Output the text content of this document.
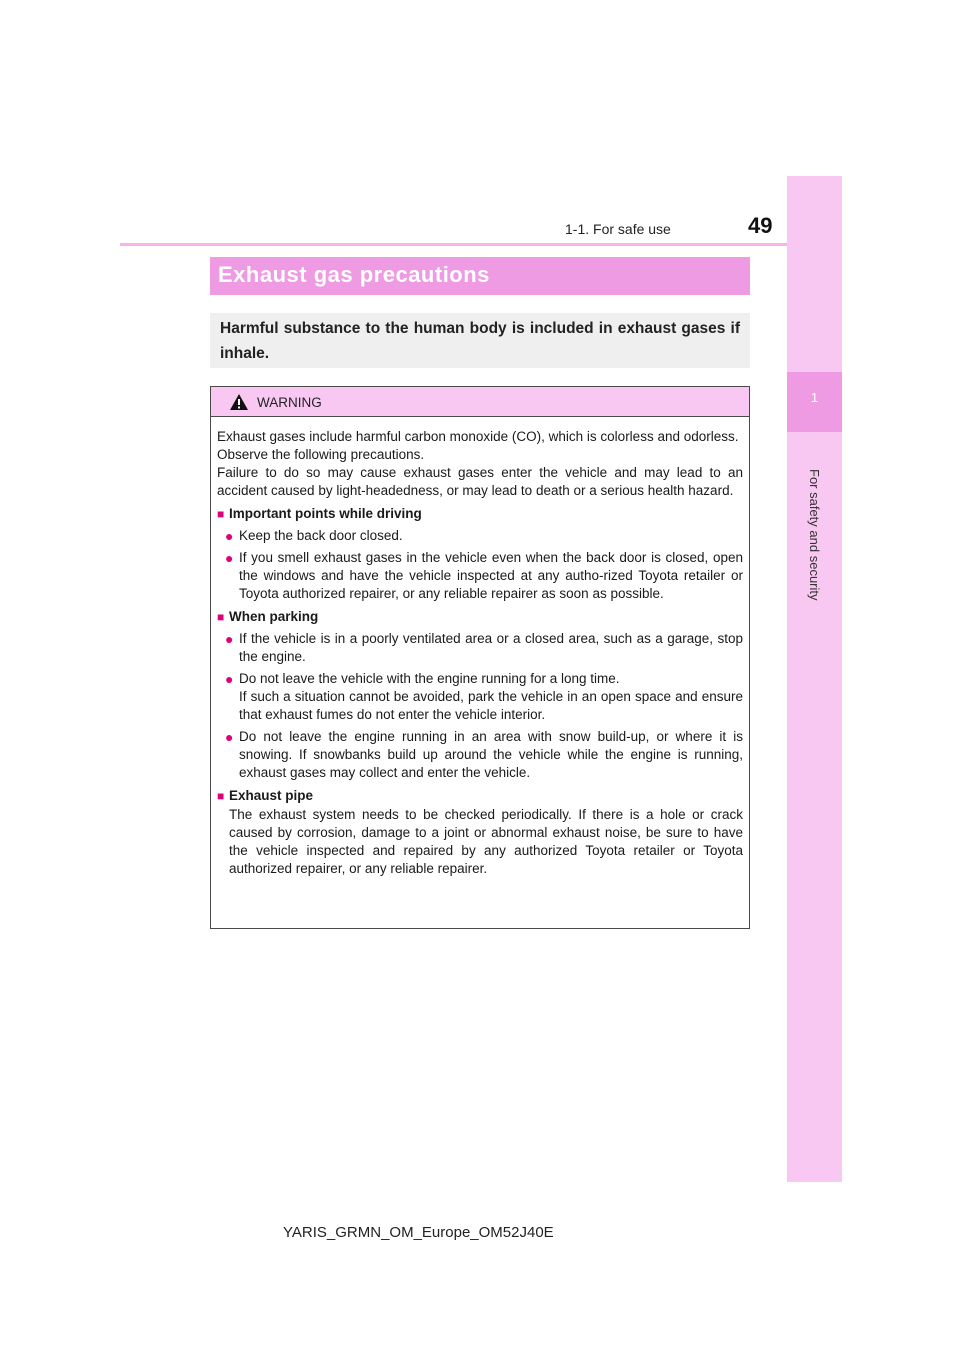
1-1. For safe use	49
1
For safety and security
Exhaust gas precautions
Harmful substance to the human body is included in exhaust gases if inhale.
WARNING

Exhaust gases include harmful carbon monoxide (CO), which is colorless and odorless. Observe the following precautions.

Failure to do so may cause exhaust gases enter the vehicle and may lead to an accident caused by light-headedness, or may lead to death or a serious health hazard.

■ Important points while driving
● Keep the back door closed.
● If you smell exhaust gases in the vehicle even when the back door is closed, open the windows and have the vehicle inspected at any autho-rized Toyota retailer or Toyota authorized repairer, or any reliable repairer as soon as possible.
■ When parking
● If the vehicle is in a poorly ventilated area or a closed area, such as a garage, stop the engine.
● Do not leave the vehicle with the engine running for a long time.
If such a situation cannot be avoided, park the vehicle in an open space and ensure that exhaust fumes do not enter the vehicle interior.
● Do not leave the engine running in an area with snow build-up, or where it is snowing. If snowbanks build up around the vehicle while the engine is running, exhaust gases may collect and enter the vehicle.
■ Exhaust pipe
The exhaust system needs to be checked periodically. If there is a hole or crack caused by corrosion, damage to a joint or abnormal exhaust noise, be sure to have the vehicle inspected and repaired by any authorized Toyota retailer or Toyota authorized repairer, or any reliable repairer.
YARIS_GRMN_OM_Europe_OM52J40E
